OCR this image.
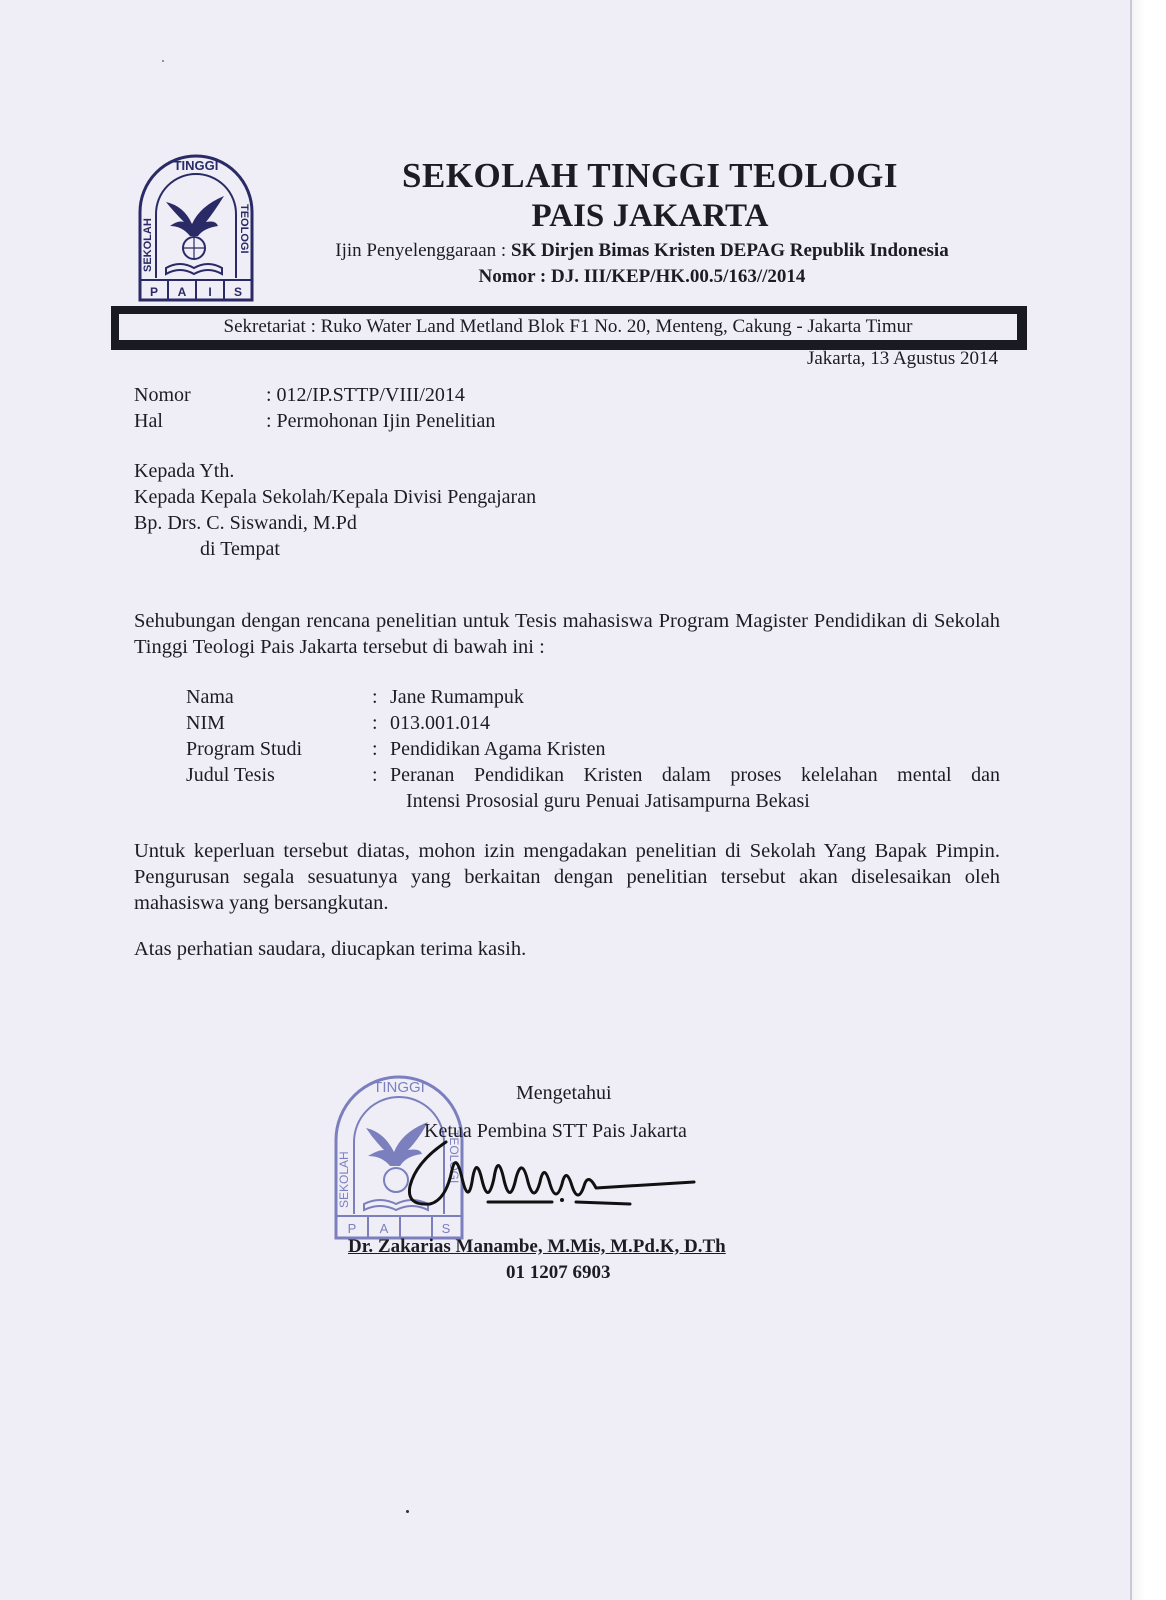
TINGGI
SEKOLAH	TEOLOGI
P A I S
SEKOLAH TINGGI TEOLOGI
PAIS JAKARTA
Ijin Penyelenggaraan : SK Dirjen Bimas Kristen DEPAG Republik Indonesia
Nomor : DJ. III/KEP/HK.00.5/163//2014
Sekretariat : Ruko Water Land Metland Blok F1 No. 20, Menteng, Cakung - Jakarta Timur
Jakarta, 13 Agustus 2014
Nomor	: 012/IP.STTP/VIII/2014
Hal	: Permohonan Ijin Penelitian
Kepada Yth.
Kepada Kepala Sekolah/Kepala Divisi Pengajaran
Bp. Drs. C. Siswandi, M.Pd
di Tempat

Sehubungan dengan rencana penelitian untuk Tesis mahasiswa Program Magister Pendidikan di Sekolah Tinggi Teologi Pais Jakarta tersebut di bawah ini :

Nama	: Jane Rumampuk
NIM	: 013.001.014
Program Studi	: Pendidikan Agama Kristen
Judul Tesis	: Peranan Pendidikan Kristen dalam proses kelelahan mental dan
Intensi Prososial guru Penuai Jatisampurna Bekasi

Untuk keperluan tersebut diatas, mohon izin mengadakan penelitian di Sekolah Yang Bapak Pimpin. Pengurusan segala sesuatunya yang berkaitan dengan penelitian tersebut akan diselesaikan oleh mahasiswa yang bersangkutan.

Atas perhatian saudara, diucapkan terima kasih.

TINGGI
SEKOLAH	TEOLOGI
P A	S
Mengetahui
Ketua Pembina STT Pais Jakarta
Dr. Zakarias Manambe, M.Mis, M.Pd.K, D.Th
01 1207 6903
